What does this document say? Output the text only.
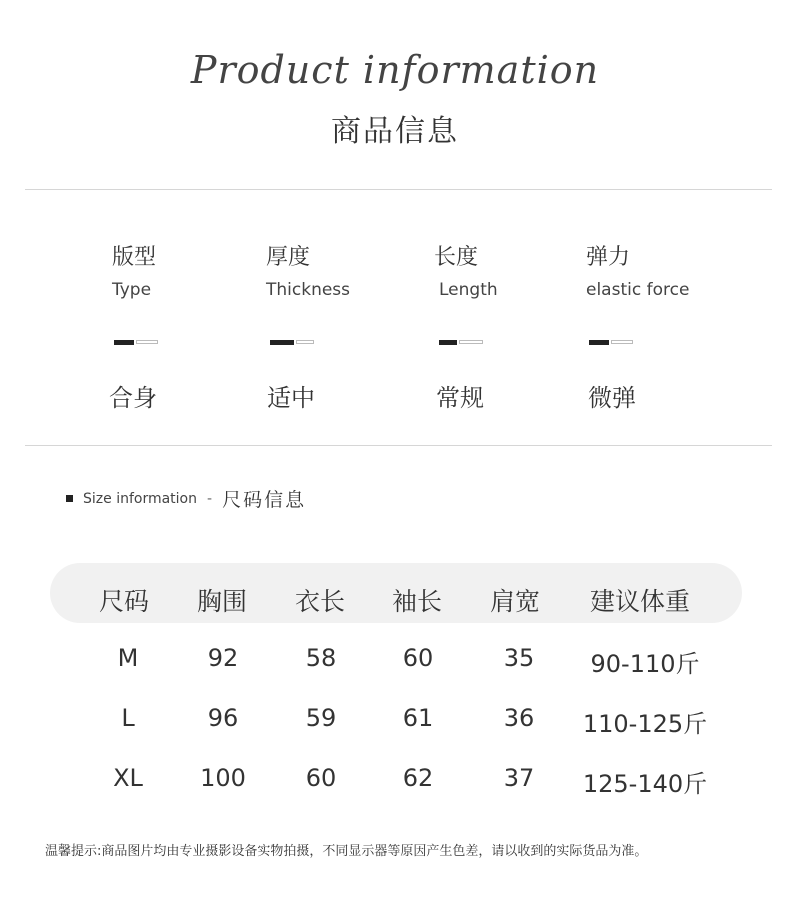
Product information
商品信息
版型
Type
合身
厚度
Thickness
适中
长度
Length
常规
弹力
elastic force
微弹
Size information - 尺码信息
尺码 胸围 衣长 袖长 肩宽 建议体重
M	92	58	60	35 90-110斤
L	96	59	61	36 110-125斤
XL 100 60	62	37 125-140斤
温馨提示:商品图片均由专业摄影设备实物拍摄，不同显示器等原因产生色差，请以收到的实际货品为准。
